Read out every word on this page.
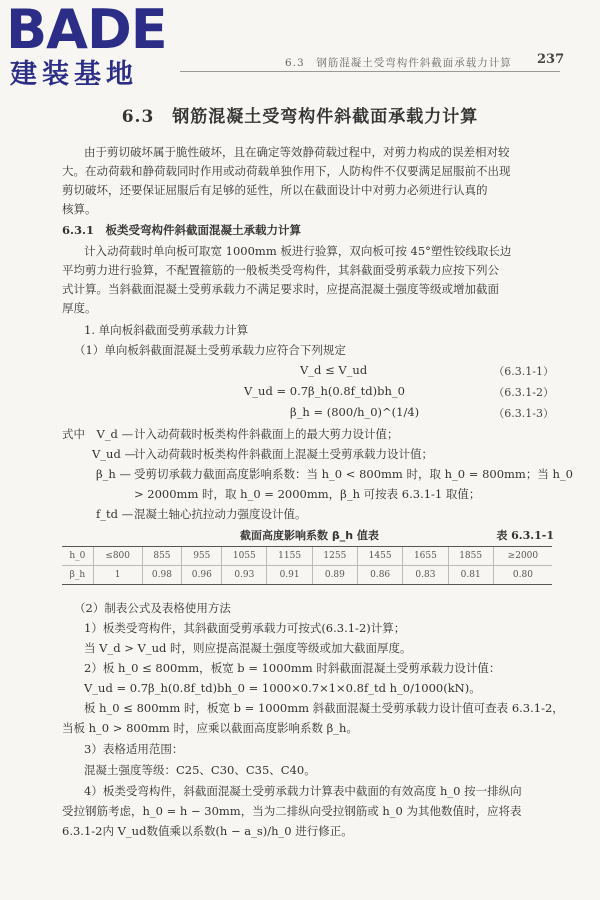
BADE
建装基地	6.3　钢筋混凝土受弯构件斜截面承载力计算 237
6.3　钢筋混凝土受弯构件斜截面承载力计算
由于剪切破坏属于脆性破坏，且在确定等效静荷载过程中，对剪力构成的误差相对较
大。在动荷载和静荷载同时作用或动荷载单独作用下，人防构件不仅要满足屈服前不出现
剪切破坏，还要保证屈服后有足够的延性，所以在截面设计中对剪力必须进行认真的
核算。
6.3.1　板类受弯构件斜截面混凝土承载力计算
计入动荷载时单向板可取宽 1000mm 板进行验算，双向板可按 45°塑性铰线取长边
平均剪力进行验算，不配置箍筋的一般板类受弯构件，其斜截面受剪承载力应按下列公
式计算。当斜截面混凝土受剪承载力不满足要求时，应提高混凝土强度等级或增加截面
厚度。
1. 单向板斜截面受剪承载力计算
（1）单向板斜截面混凝土受剪承载力应符合下列规定
V_d ≤ V_ud	（6.3.1-1）
V_ud = 0.7β_h(0.8f_td)bh_0	（6.3.1-2）
β_h = (800/h_0)^(1/4)	（6.3.1-3）
式中　V_d — 计入动荷载时板类构件斜截面上的最大剪力设计值；
V_ud —
计入动荷载时板类构件斜截面上混凝土受剪承载力设计值；
β_h — 受剪切承载力截面高度影响系数：当 h_0 < 800mm 时，取 h_0 = 800mm；当 h_0
> 2000mm 时，取 h_0 = 2000mm，β_h 可按表 6.3.1-1 取值；
f_td — 混凝土轴心抗拉动力强度设计值。
截面高度影响系数 β_h 值表	表 6.3.1-1
h_0	≤800	855	955	1055	1155	1255	1455	1655	1855	≥2000
β_h	1	0.98	0.96	0.93	0.91	0.89	0.86	0.83	0.81	0.80
（2）制表公式及表格使用方法
1）板类受弯构件，其斜截面受剪承载力可按式(6.3.1-2)计算；
当 V_d > V_ud 时，则应提高混凝土强度等级或加大截面厚度。
2）板 h_0 ≤ 800mm，板宽 b = 1000mm 时斜截面混凝土受剪承载力设计值：
V_ud = 0.7β_h(0.8f_td)bh_0 = 1000×0.7×1×0.8f_td h_0/1000(kN)。
板 h_0 ≤ 800mm 时，板宽 b = 1000mm 斜截面混凝土受剪承载力设计值可查表 6.3.1-2，
当板 h_0 > 800mm 时，应乘以截面高度影响系数 β_h。
3）表格适用范围：
混凝土强度等级：C25、C30、C35、C40。
4）板类受弯构件，斜截面混凝土受剪承载力计算表中截面的有效高度 h_0 按一排纵向
受拉钢筋考虑，h_0 = h − 30mm，当为二排纵向受拉钢筋或 h_0 为其他数值时，应将表
6.3.1-2内 V_ud数值乘以系数(h − a_s)/h_0 进行修正。
